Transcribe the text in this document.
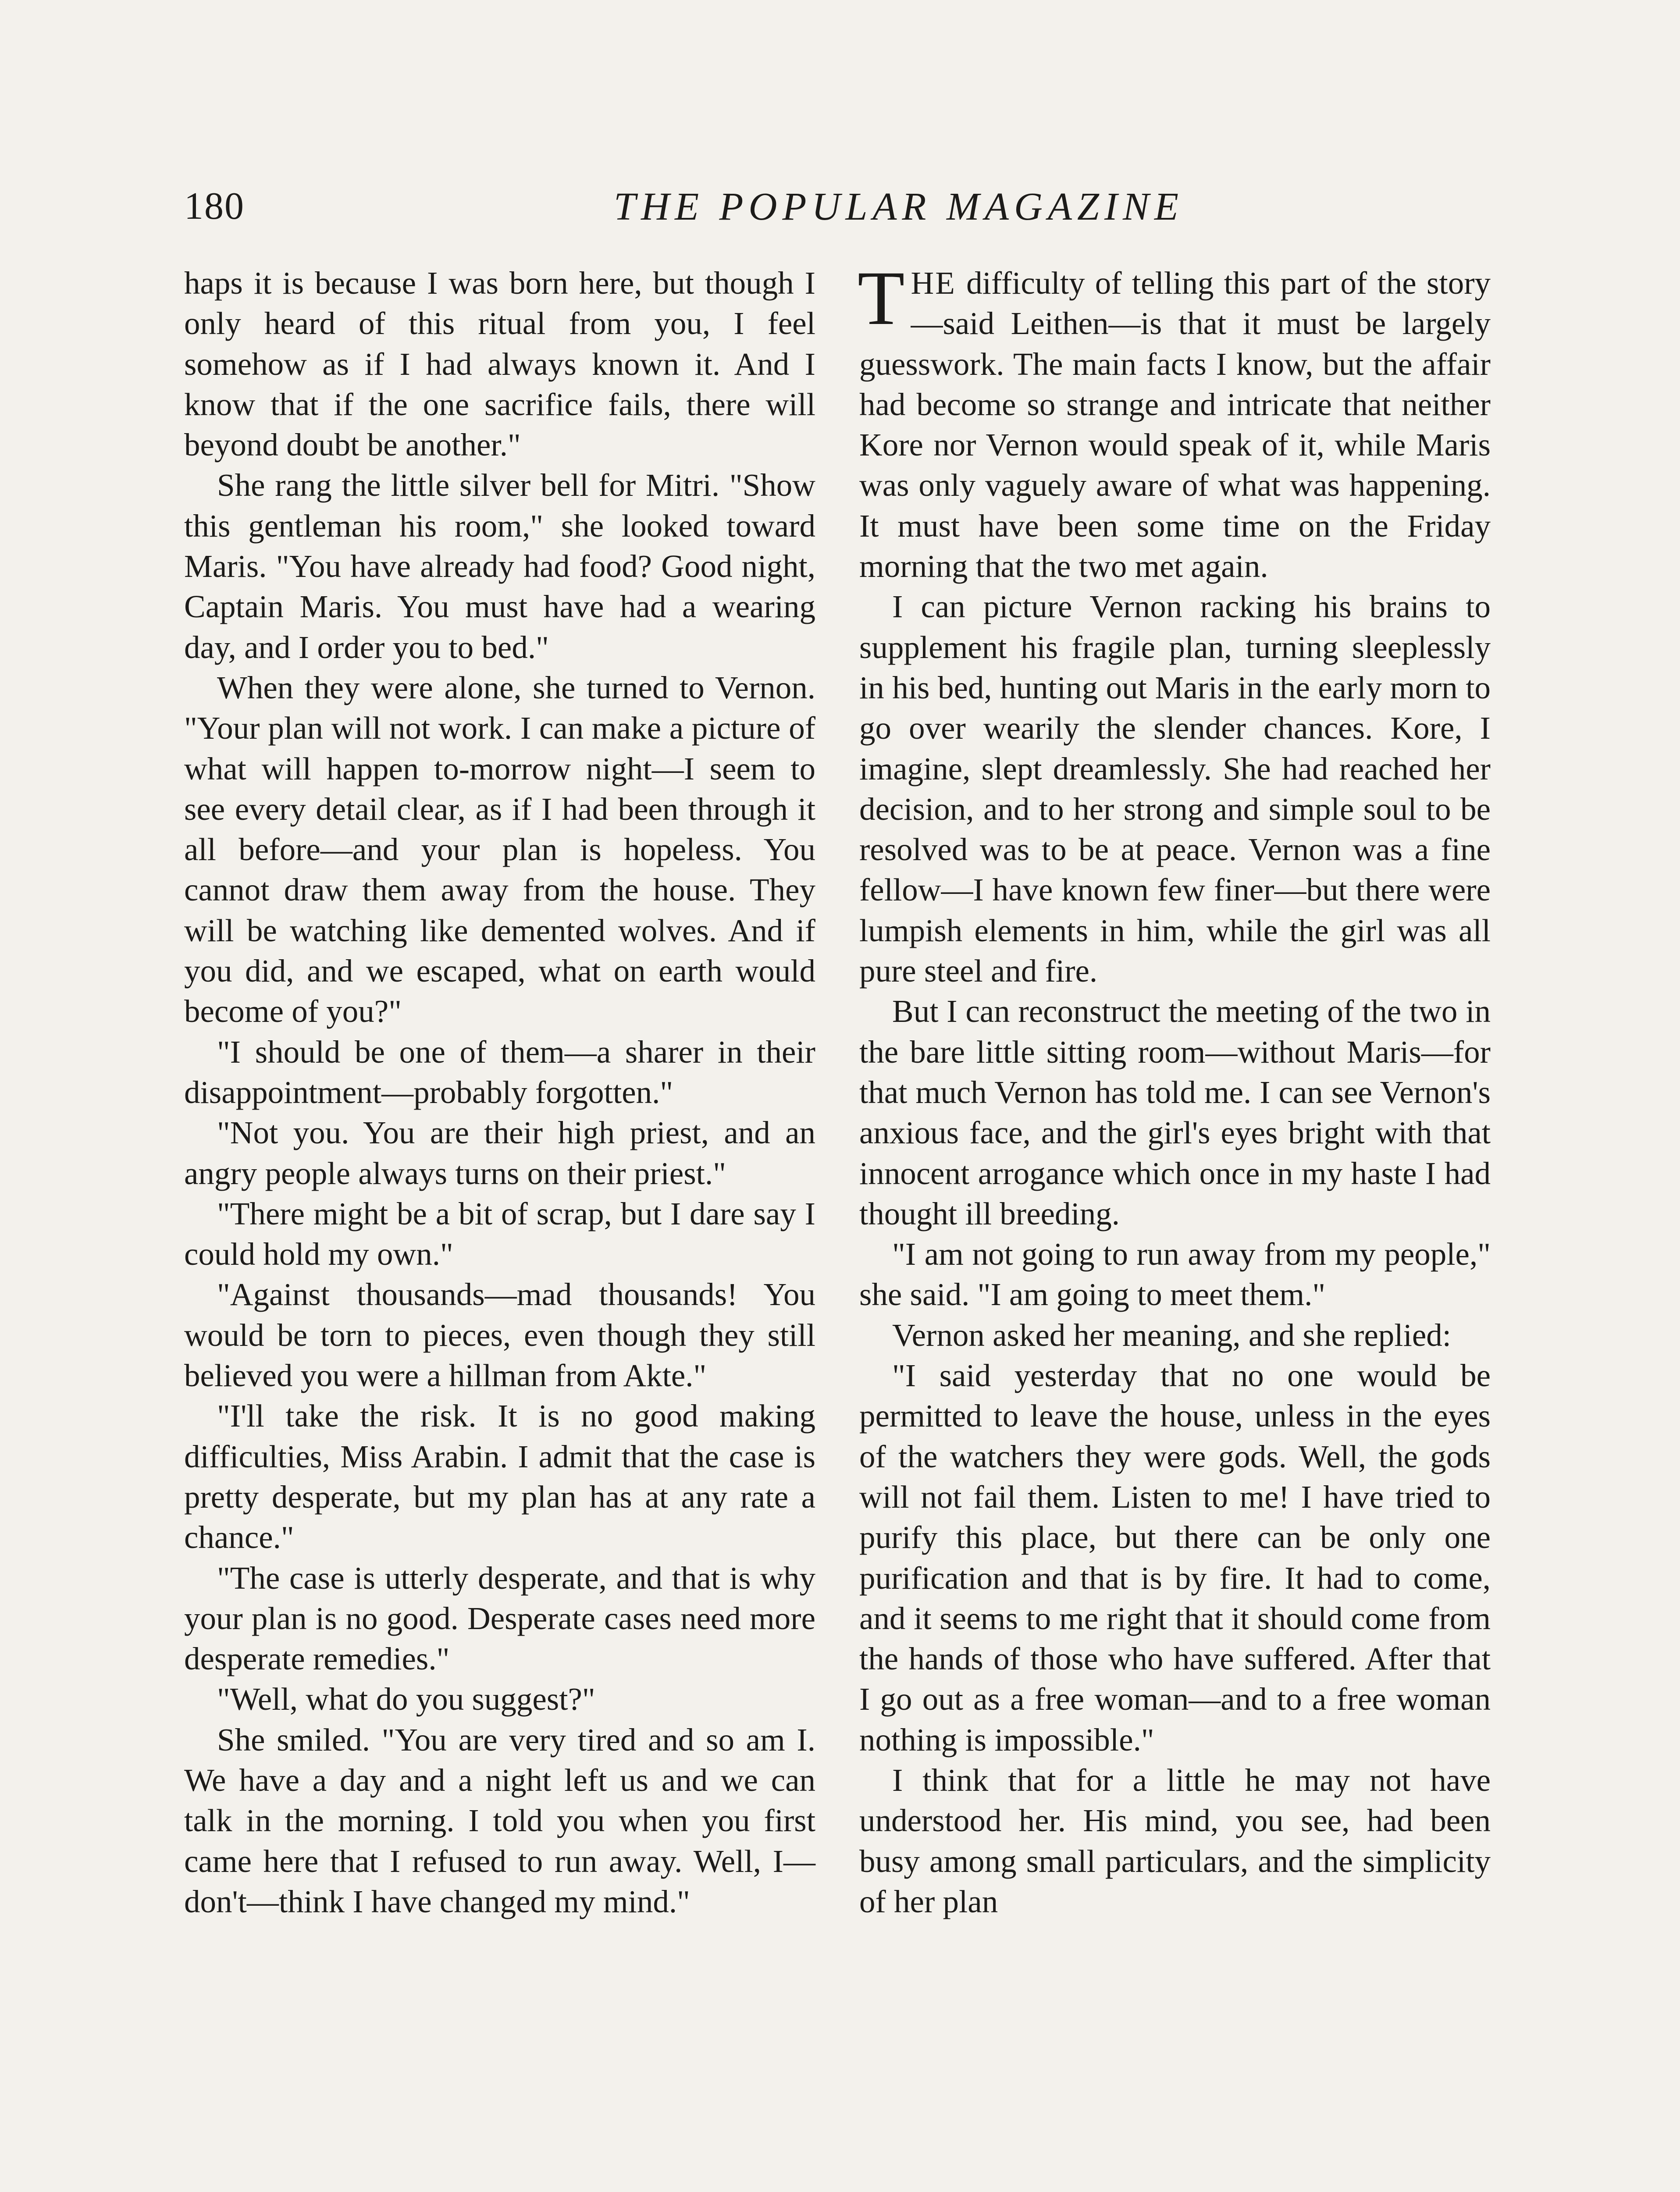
180	THE POPULAR MAGAZINE

haps it is because I was born here, but though I only heard of this ritual from you, I feel somehow as if I had always known it. And I know that if the one sacrifice fails, there will beyond doubt be another."

She rang the little silver bell for Mitri. "Show this gentleman his room," she looked toward Maris. "You have already had food? Good night, Captain Maris. You must have had a wearing day, and I order you to bed."

When they were alone, she turned to Vernon. "Your plan will not work. I can make a picture of what will happen to-morrow night—I seem to see every detail clear, as if I had been through it all before—and your plan is hopeless. You cannot draw them away from the house. They will be watching like demented wolves. And if you did, and we escaped, what on earth would become of you?"

"I should be one of them—a sharer in their disappointment—probably forgotten."

"Not you. You are their high priest, and an angry people always turns on their priest."

"There might be a bit of scrap, but I dare say I could hold my own."

"Against thousands—mad thousands! You would be torn to pieces, even though they still believed you were a hillman from Akte."

"I'll take the risk. It is no good making difficulties, Miss Arabin. I admit that the case is pretty desperate, but my plan has at any rate a chance."

"The case is utterly desperate, and that is why your plan is no good. Desperate cases need more desperate remedies."

"Well, what do you suggest?"

She smiled. "You are very tired and so am I. We have a day and a night left us and we can talk in the morning. I told you when you first came here that I refused to run away. Well, I—don't—think I have changed my mind."

THE difficulty of telling this part of the story—said Leithen—is that it must be largely guesswork. The main facts I know, but the affair had become so strange and intricate that neither Kore nor Vernon would speak of it, while Maris was only vaguely aware of what was happening. It must have been some time on the Friday morning that the two met again.

I can picture Vernon racking his brains to supplement his fragile plan, turning sleeplessly in his bed, hunting out Maris in the early morn to go over wearily the slender chances. Kore, I imagine, slept dreamlessly. She had reached her decision, and to her strong and simple soul to be resolved was to be at peace. Vernon was a fine fellow—I have known few finer—but there were lumpish elements in him, while the girl was all pure steel and fire.

But I can reconstruct the meeting of the two in the bare little sitting room—without Maris—for that much Vernon has told me. I can see Vernon's anxious face, and the girl's eyes bright with that innocent arrogance which once in my haste I had thought ill breeding.

"I am not going to run away from my people," she said. "I am going to meet them."

Vernon asked her meaning, and she replied:

"I said yesterday that no one would be permitted to leave the house, unless in the eyes of the watchers they were gods. Well, the gods will not fail them. Listen to me! I have tried to purify this place, but there can be only one purification and that is by fire. It had to come, and it seems to me right that it should come from the hands of those who have suffered. After that I go out as a free woman—and to a free woman nothing is impossible."

I think that for a little he may not have understood her. His mind, you see, had been busy among small particulars, and the simplicity of her plan
